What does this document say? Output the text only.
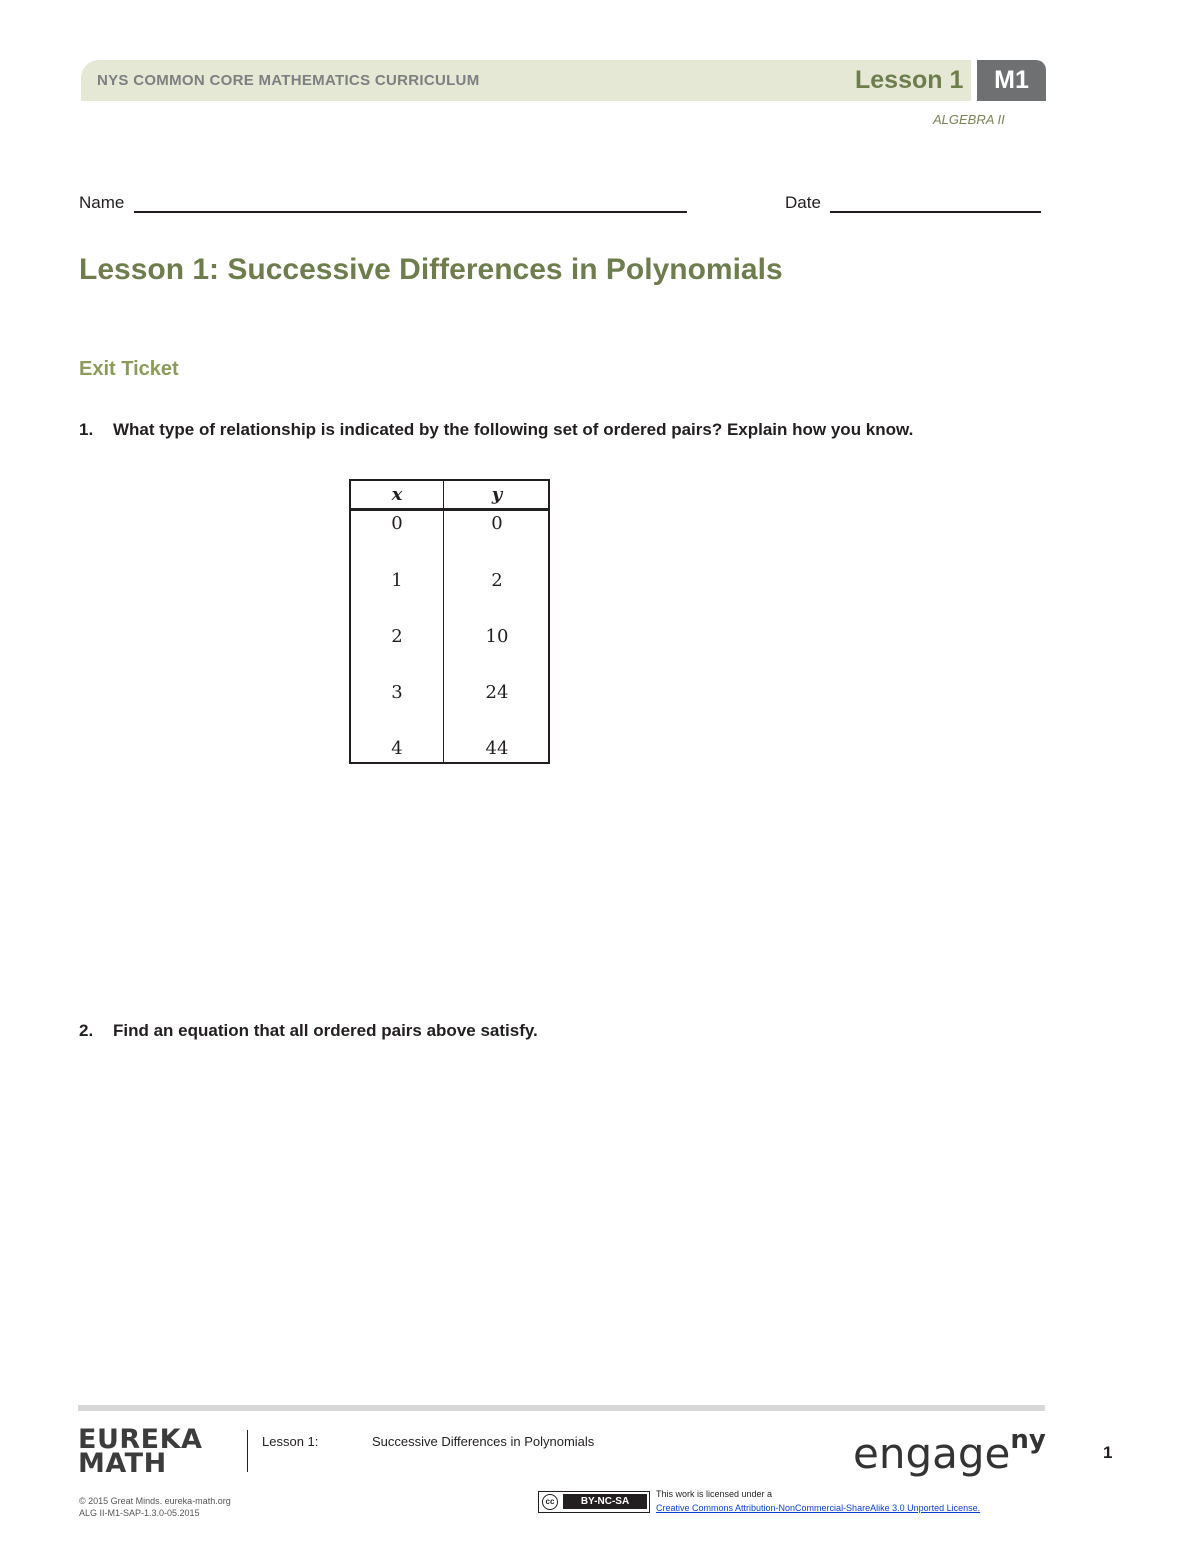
NYS COMMON CORE MATHEMATICS CURRICULUM	Lesson 1	M1
ALGEBRA II
Name	Date
Lesson 1: Successive Differences in Polynomials
Exit Ticket
1. What type of relationship is indicated by the following set of ordered pairs? Explain how you know.
x	y
0	0
1	2
2	10
3	24
4	44
2. Find an equation that all ordered pairs above satisfy.
EUREKA
MATH
Lesson 1:	Successive Differences in Polynomials	engage$^{ny}$	1
© 2015 Great Minds. eureka-math.org
ALG II-M1-SAP-1.3.0-05.2015
cc	BY-NC-SA
This work is licensed under a
Creative Commons Attribution-NonCommercial-ShareAlike 3.0 Unported License.
